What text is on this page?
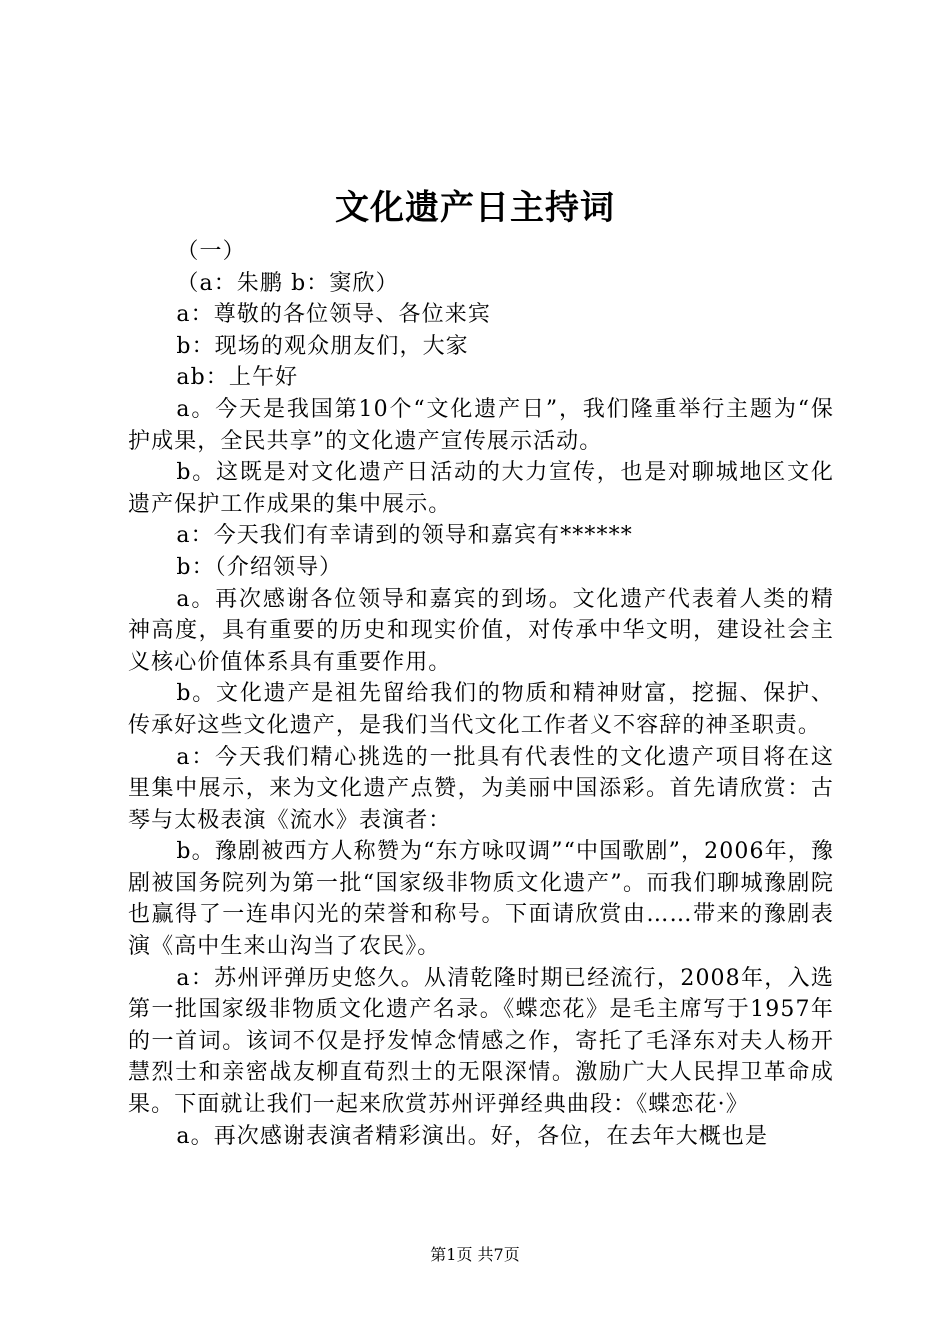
文化遗产日主持词

（一）

（a：朱鹏 b：窦欣）

a：尊敬的各位领导、各位来宾

b：现场的观众朋友们，大家

ab：上午好

a。今天是我国第10个“文化遗产日”，我们隆重举行主题为“保护成果，全民共享”的文化遗产宣传展示活动。

b。这既是对文化遗产日活动的大力宣传，也是对聊城地区文化遗产保护工作成果的集中展示。

a：今天我们有幸请到的领导和嘉宾有******

b：（介绍领导）

a。再次感谢各位领导和嘉宾的到场。文化遗产代表着人类的精神高度，具有重要的历史和现实价值，对传承中华文明，建设社会主义核心价值体系具有重要作用。

b。文化遗产是祖先留给我们的物质和精神财富，挖掘、保护、传承好这些文化遗产，是我们当代文化工作者义不容辞的神圣职责。

a：今天我们精心挑选的一批具有代表性的文化遗产项目将在这里集中展示，来为文化遗产点赞，为美丽中国添彩。首先请欣赏：古琴与太极表演《流水》表演者：

b。豫剧被西方人称赞为“东方咏叹调”“中国歌剧”，2006年，豫剧被国务院列为第一批“国家级非物质文化遗产”。而我们聊城豫剧院也赢得了一连串闪光的荣誉和称号。下面请欣赏由……带来的豫剧表演《高中生来山沟当了农民》。

a：苏州评弹历史悠久。从清乾隆时期已经流行，2008年，入选第一批国家级非物质文化遗产名录。《蝶恋花》是毛主席写于1957年的一首词。该词不仅是抒发悼念情感之作，寄托了毛泽东对夫人杨开慧烈士和亲密战友柳直荀烈士的无限深情。激励广大人民捍卫革命成果。下面就让我们一起来欣赏苏州评弹经典曲段：《蝶恋花·》

a。再次感谢表演者精彩演出。好，各位，在去年大概也是

第1页 共7页
